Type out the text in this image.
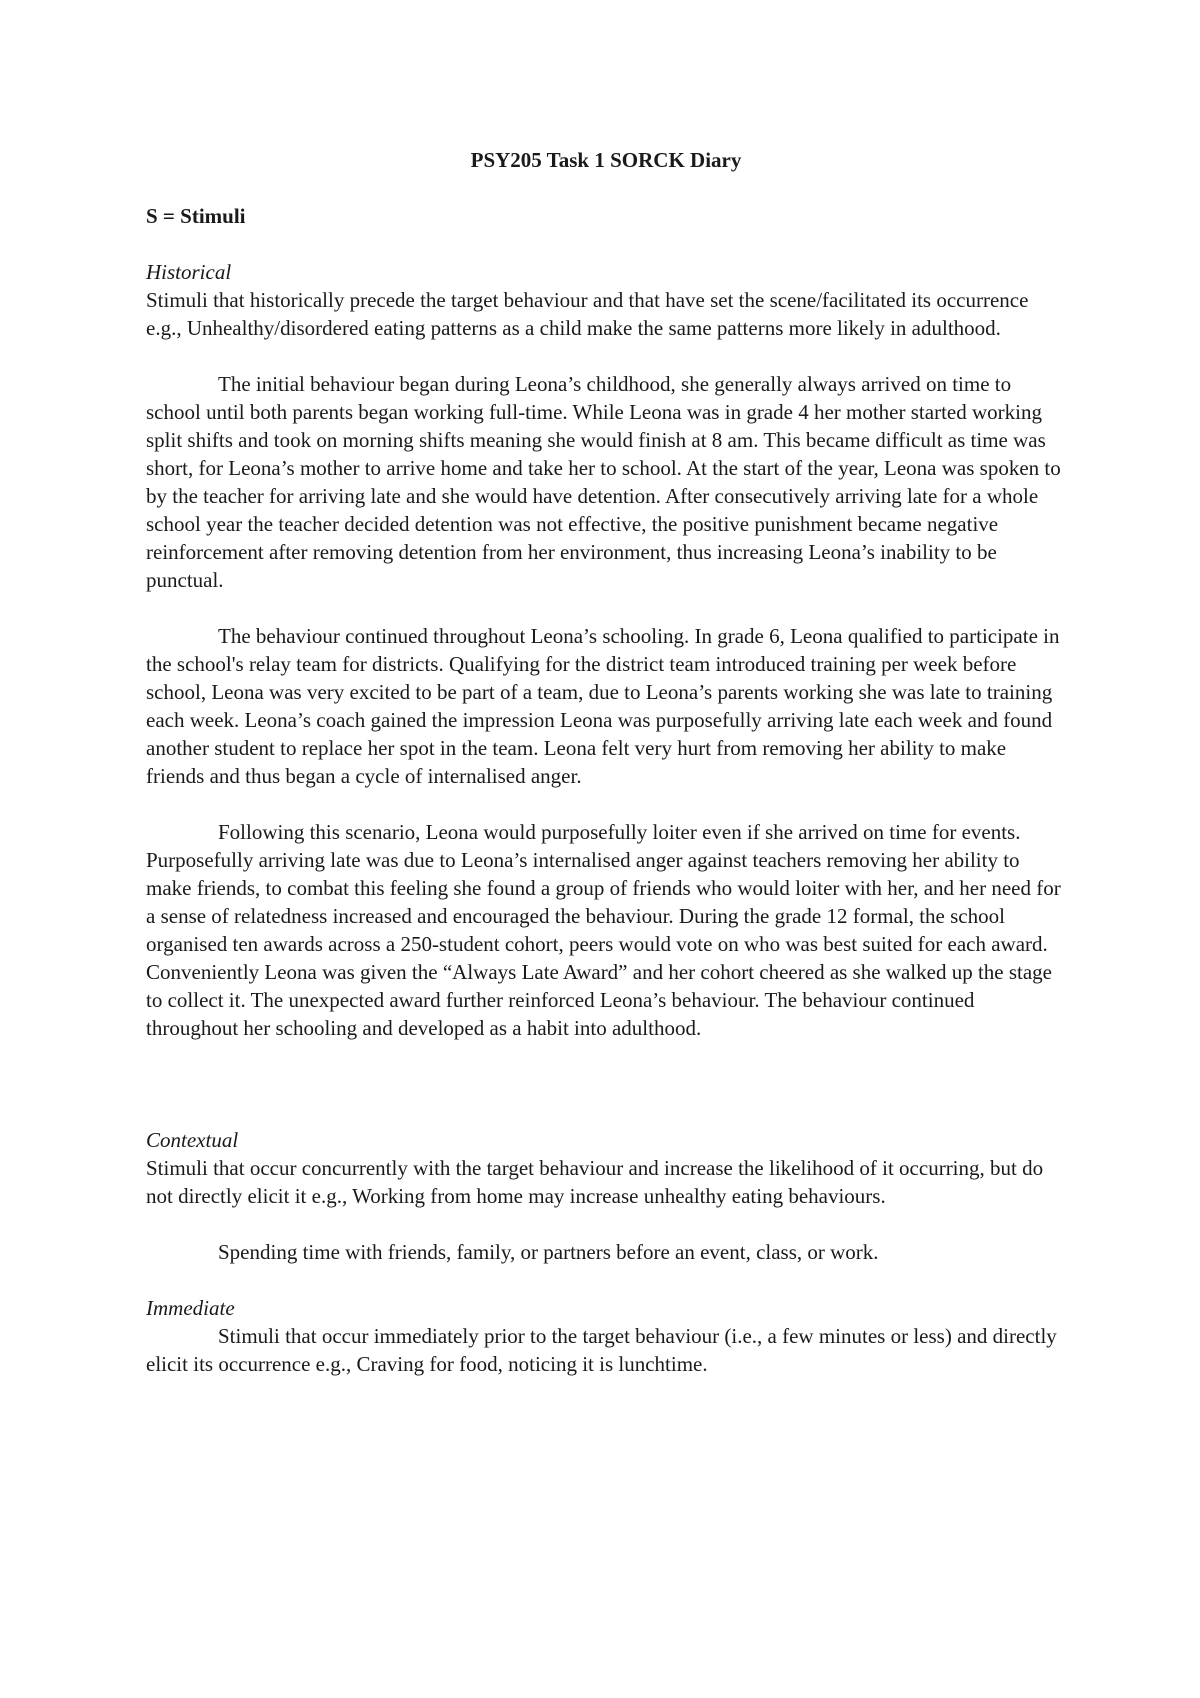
PSY205 Task 1 SORCK Diary

S = Stimuli

Historical

Stimuli that historically precede the target behaviour and that have set the scene/facilitated its occurrence e.g., Unhealthy/disordered eating patterns as a child make the same patterns more likely in adulthood.

The initial behaviour began during Leona’s childhood, she generally always arrived on time to school until both parents began working full-time. While Leona was in grade 4 her mother started working split shifts and took on morning shifts meaning she would finish at 8 am. This became difficult as time was short, for Leona’s mother to arrive home and take her to school. At the start of the year, Leona was spoken to by the teacher for arriving late and she would have detention. After consecutively arriving late for a whole school year the teacher decided detention was not effective, the positive punishment became negative reinforcement after removing detention from her environment, thus increasing Leona’s inability to be punctual.

The behaviour continued throughout Leona’s schooling. In grade 6, Leona qualified to participate in the school's relay team for districts. Qualifying for the district team introduced training per week before school, Leona was very excited to be part of a team, due to Leona’s parents working she was late to training each week. Leona’s coach gained the impression Leona was purposefully arriving late each week and found another student to replace her spot in the team. Leona felt very hurt from removing her ability to make friends and thus began a cycle of internalised anger.

Following this scenario, Leona would purposefully loiter even if she arrived on time for events. Purposefully arriving late was due to Leona’s internalised anger against teachers removing her ability to make friends, to combat this feeling she found a group of friends who would loiter with her, and her need for a sense of relatedness increased and encouraged the behaviour. During the grade 12 formal, the school organised ten awards across a 250-student cohort, peers would vote on who was best suited for each award. Conveniently Leona was given the “Always Late Award” and her cohort cheered as she walked up the stage to collect it. The unexpected award further reinforced Leona’s behaviour. The behaviour continued throughout her schooling and developed as a habit into adulthood.

Contextual

Stimuli that occur concurrently with the target behaviour and increase the likelihood of it occurring, but do not directly elicit it e.g., Working from home may increase unhealthy eating behaviours.

Spending time with friends, family, or partners before an event, class, or work.

Immediate

Stimuli that occur immediately prior to the target behaviour (i.e., a few minutes or less) and directly elicit its occurrence e.g., Craving for food, noticing it is lunchtime.
